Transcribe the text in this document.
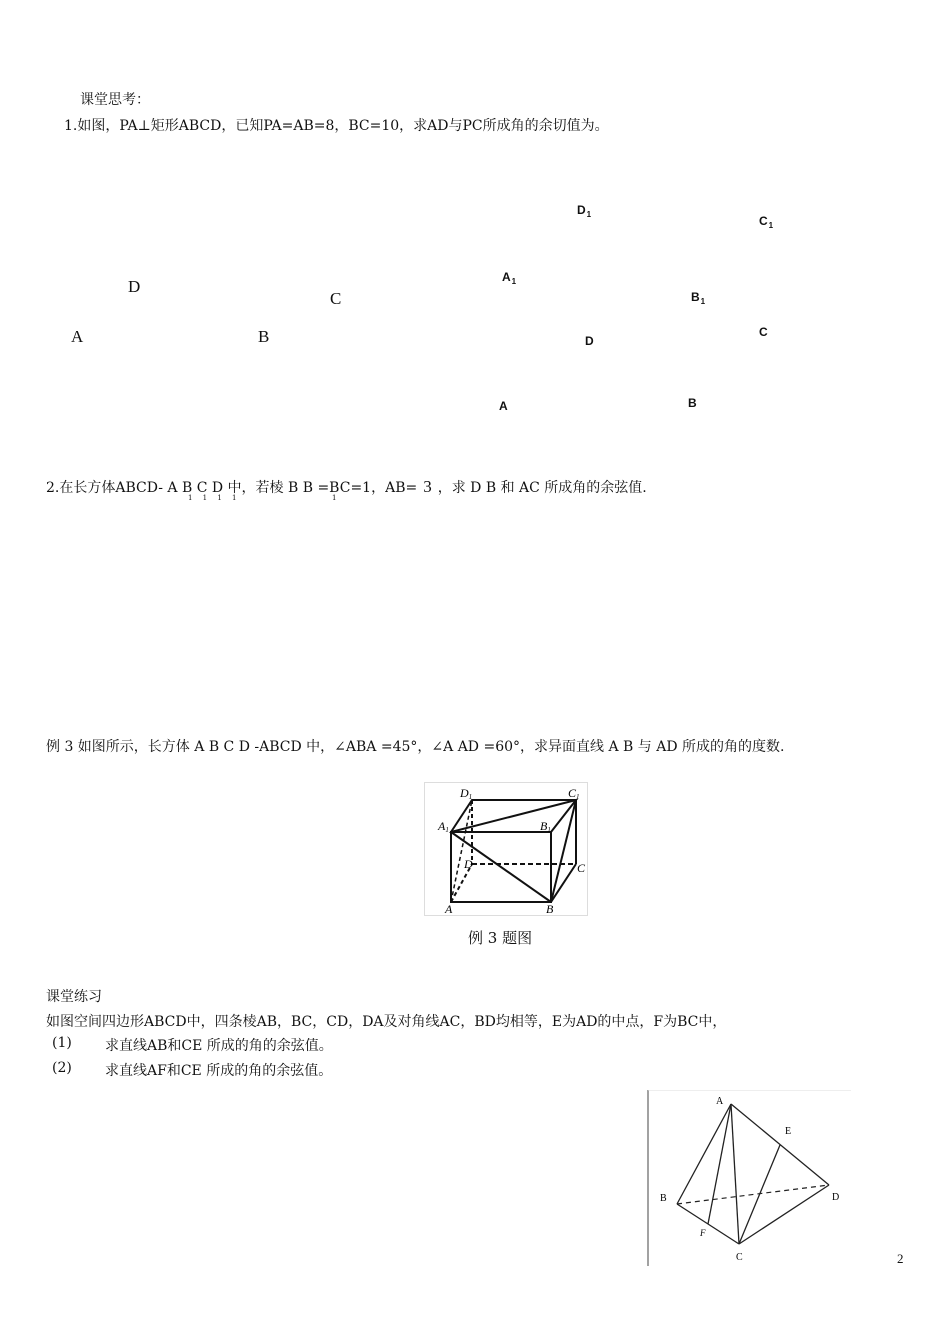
课堂思考：
1.如图，PA⊥矩形ABCD，已知PA=AB=8，BC=10，求AD与PC所成角的余切值为。
D
C
A	B
$D_1$	$C_1$
$A_1$
$B_1$
D
C
A	B
2.在长方体ABCD- A B C D 中，若棱 B B =BC=1，AB= 3 ，求 D B 和 AC 所成角的余弦值.
1 1 1 1	1
例 3 如图所示，长方体 A B C D -ABCD 中，∠ABA =45°，∠A AD =60°，求异面直线 A B 与 AD 所成的角的度数.
D1	C1
A1	B1
D	C
A	B
例 3 题图
课堂练习
如图空间四边形ABCD中，四条棱AB，BC，CD，DA及对角线AC，BD均相等，E为AD的中点，F为BC中，
(1) 求直线AB和CE 所成的角的余弦值。
(2) 求直线AF和CE 所成的角的余弦值。
A
B
C
D
E
F
2
